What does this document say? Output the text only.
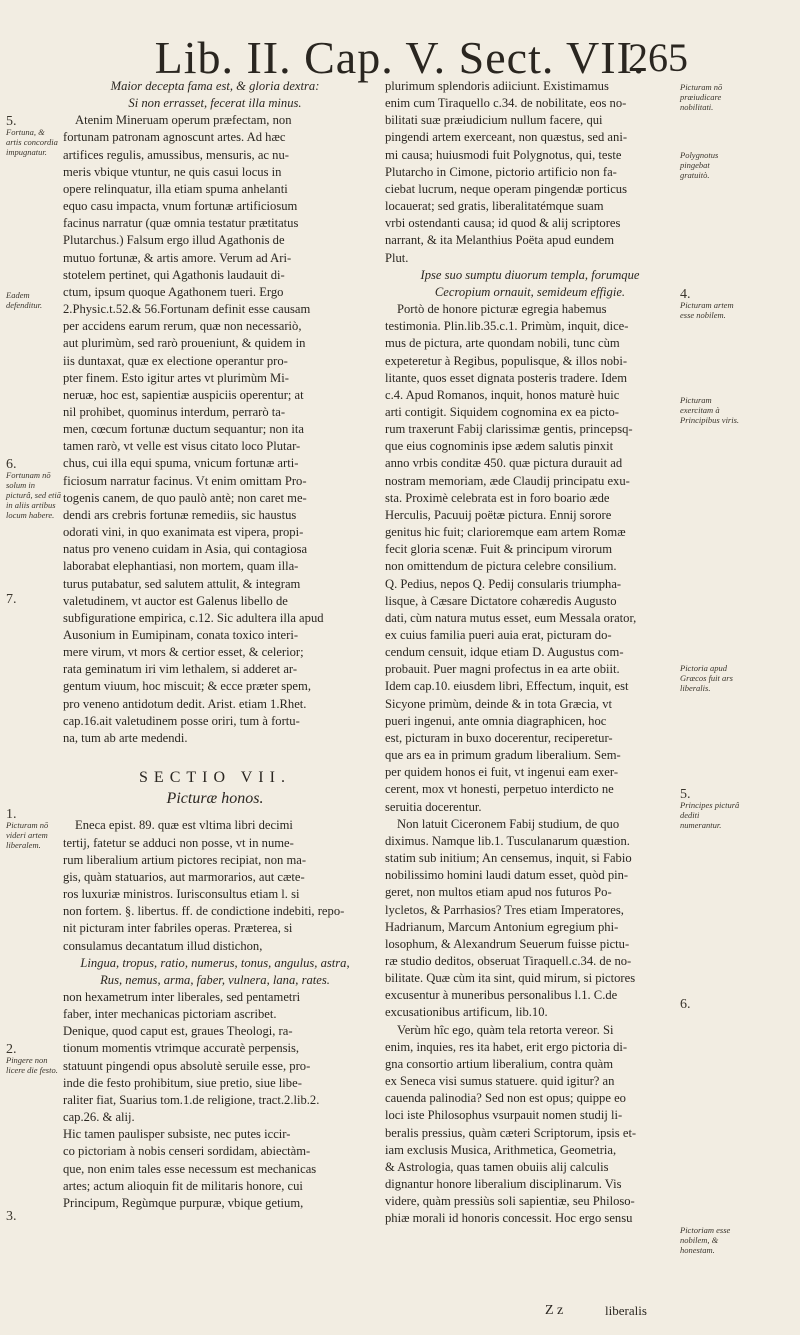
Lib. II. Cap. V. Sect. VII.
265
Maior decepta fama est, & gloria dextra:
Si non errasset, fecerat illa minus.
Atenim Mineruam operum præfectam, non
fortunam patronam agnoscunt artes. Ad hæc
artifices regulis, amussibus, mensuris, ac nu-
meris vbique vtuntur, ne quis casui locus in
opere relinquatur, illa etiam spuma anhelanti
equo casu impacta, vnum fortunæ artificiosum
facinus narratur (quæ omnia testatur prætitatus
Plutarchus.) Falsum ergo illud Agathonis de
mutuo fortunæ, & artis amore. Verum ad Ari-
stotelem pertinet, qui Agathonis laudauit di-
ctum, ipsum quoque Agathonem tueri. Ergo
2.Physic.t.52.& 56.Fortunam definit esse causam
per accidens earum rerum, quæ non necessariò,
aut plurimùm, sed rarò proueniunt, & quidem in
iis duntaxat, quæ ex electione operantur pro-
pter finem. Esto igitur artes vt plurimùm Mi-
neruæ, hoc est, sapientiæ auspiciis operentur; at
nil prohibet, quominus interdum, perrarò ta-
men, cœcum fortunæ ductum sequantur; non ita
tamen rarò, vt velle est visus citato loco Plutar-
chus, cui illa equi spuma, vnicum fortunæ arti-
ficiosum narratur facinus. Vt enim omittam Pro-
togenis canem, de quo paulò antè; non caret me-
dendi ars crebris fortunæ remediis, sic haustus
odorati vini, in quo exanimata est vipera, propi-
natus pro veneno cuidam in Asia, qui contagiosa
laborabat elephantiasi, non mortem, quam illa-
turus putabatur, sed salutem attulit, & integram
valetudinem, vt auctor est Galenus libello de
subfiguratione empirica, c.12. Sic adultera illa apud
Ausonium in Eumipinam, conata toxico interi-
mere virum, vt mors & certior esset, & celerior;
rata geminatum iri vim lethalem, si adderet ar-
gentum viuum, hoc miscuit; & ecce præter spem,
pro veneno antidotum dedit. Arist. etiam 1.Rhet.
cap.16.ait valetudinem posse oriri, tum à fortu-
na, tum ab arte medendi.
SECTIO VII.
Picturæ honos.
Eneca epist. 89. quæ est vltima libri decimi
tertij, fatetur se adduci non posse, vt in nume-
rum liberalium artium pictores recipiat, non ma-
gis, quàm statuarios, aut marmorarios, aut cæte-
ros luxuriæ ministros. Iurisconsultus etiam l. si
non fortem. §. libertus. ff. de condictione indebiti, repo-
nit picturam inter fabriles operas. Præterea, si
consulamus decantatum illud distichon,
Lingua, tropus, ratio, numerus, tonus, angulus, astra,
Rus, nemus, arma, faber, vulnera, lana, rates.
non hexametrum inter liberales, sed pentametri
faber, inter mechanicas pictoriam ascribet.
Denique, quod caput est, graues Theologi, ra-
tionum momentis vtrimque accuratè perpensis,
statuunt pingendi opus absolutè seruile esse, pro-
inde die festo prohibitum, siue pretio, siue libe-
raliter fiat, Suarius tom.1.de religione, tract.2.lib.2.
cap.26. & alij.
Hic tamen paulisper subsiste, nec putes iccir-
co pictoriam à nobis censeri sordidam, abiectàm-
que, non enim tales esse necessum est mechanicas
artes; actum alioquin fit de militaris honore, cui
Principum, Regùmque purpuræ, vbique getium,
plurimum splendoris adiiciunt. Existimamus
enim cum Tiraquello c.34. de nobilitate, eos no-
bilitati suæ præiudicium nullum facere, qui
pingendi artem exerceant, non quæstus, sed ani-
mi causa; huiusmodi fuit Polygnotus, qui, teste
Plutarcho in Cimone, pictorio artificio non fa-
ciebat lucrum, neque operam pingendæ porticus
locauerat; sed gratis, liberalitatémque suam
vrbi ostendanti causa; id quod & alij scriptores
narrant, & ita Melanthius Poëta apud eundem
Plut.
Ipse suo sumptu diuorum templa, forumque
Cecropium ornauit, semideum effigie.
Portò de honore picturæ egregia habemus
testimonia. Plin.lib.35.c.1. Primùm, inquit, dice-
mus de pictura, arte quondam nobili, tunc cùm
expeteretur à Regibus, populisque, & illos nobi-
litante, quos esset dignata posteris tradere. Idem
c.4. Apud Romanos, inquit, honos maturè huic
arti contigit. Siquidem cognomina ex ea picto-
rum traxerunt Fabij clarissimæ gentis, princepsq-
que eius cognominis ipse ædem salutis pinxit
anno vrbis conditæ 450. quæ pictura durauit ad
nostram memoriam, æde Claudij principatu exu-
sta. Proximè celebrata est in foro boario æde
Herculis, Pacuuij poëtæ pictura. Ennij sorore
genitus hic fuit; clarioremque eam artem Romæ
fecit gloria scenæ. Fuit & principum virorum
non omittendum de pictura celebre consilium.
Q. Pedius, nepos Q. Pedij consularis triumpha-
lisque, à Cæsare Dictatore cohæredis Augusto
dati, cùm natura mutus esset, eum Messala orator,
ex cuius familia pueri auia erat, picturam do-
cendum censuit, idque etiam D. Augustus com-
probauit. Puer magni profectus in ea arte obiit.
Idem cap.10. eiusdem libri, Effectum, inquit, est
Sicyone primùm, deinde & in tota Græcia, vt
pueri ingenui, ante omnia diagraphicen, hoc
est, picturam in buxo docerentur, reciperetur-
que ars ea in primum gradum liberalium. Sem-
per quidem honos ei fuit, vt ingenui eam exer-
cerent, mox vt honesti, perpetuo interdicto ne
seruitia docerentur.
Non latuit Ciceronem Fabij studium, de quo
diximus. Namque lib.1. Tusculanarum quæstion.
statim sub initium; An censemus, inquit, si Fabio
nobilissimo homini laudi datum esset, quòd pin-
geret, non multos etiam apud nos futuros Po-
lycletos, & Parrhasios? Tres etiam Imperatores,
Hadrianum, Marcum Antonium egregium phi-
losophum, & Alexandrum Seuerum fuisse pictu-
ræ studio deditos, obseruat Tiraquell.c.34. de no-
bilitate. Quæ cùm ita sint, quid mirum, si pictores
excusentur à muneribus personalibus l.1. C.de
excusationibus artificum, lib.10.
Verùm hîc ego, quàm tela retorta vereor. Si
enim, inquies, res ita habet, erit ergo pictoria di-
gna consortio artium liberalium, contra quàm
ex Seneca visi sumus statuere. quid igitur? an
cauenda palinodia? Sed non est opus; quippe eo
loci iste Philosophus vsurpauit nomen studij li-
beralis pressius, quàm cæteri Scriptorum, ipsis et-
iam exclusis Musica, Arithmetica, Geometria,
& Astrologia, quas tamen obuiis alij calculis
dignantur honore liberalium disciplinarum. Vis
videre, quàm pressiùs soli sapientiæ, seu Philoso-
phiæ morali id honoris concessit. Hoc ergo sensu
5.
Fortuna, & artis concordia impugnatur.
Eadem defenditur.
6.
Fortunam nō solum in picturâ, sed etiā in aliis artibus locum habere.
7.
1.
Picturam nō videri artem liberalem.
2.
Pingere non licere die festo.
3.
Picturam nō præiudicare nobilitati.
Polygnotus pingebat gratuitò.
4.
Picturam artem esse nobilem.
Picturam exercitam à Principibus viris.
Pictoria apud Græcos fuit ars liberalis.
5.
Principes picturâ dediti numerantur.
6.
Pictoriam esse nobilem, & honestam.
Z z	liberalis
